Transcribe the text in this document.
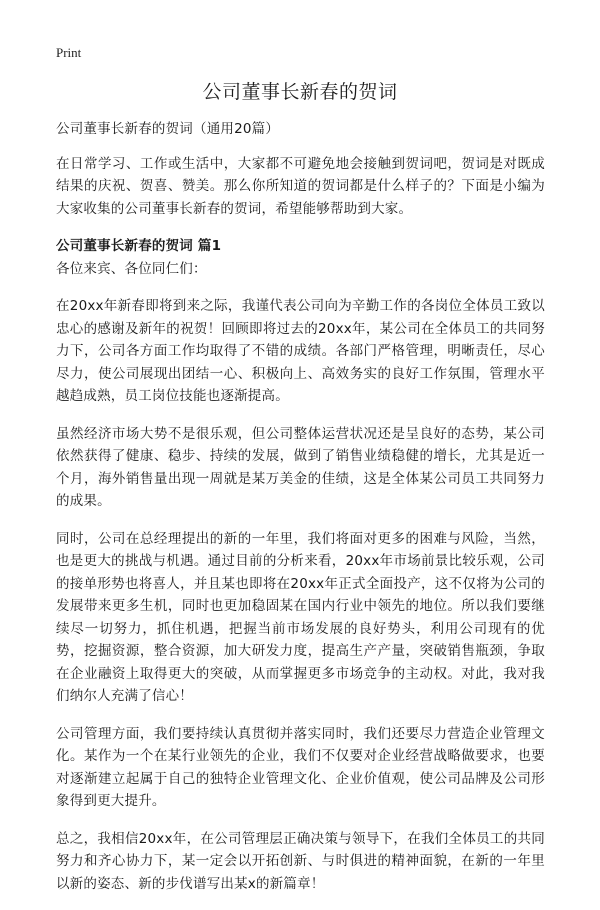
Print
公司董事长新春的贺词

公司董事长新春的贺词（通用20篇）

在日常学习、工作或生活中，大家都不可避免地会接触到贺词吧，贺词是对既成结果的庆祝、贺喜、赞美。那么你所知道的贺词都是什么样子的？下面是小编为大家收集的公司董事长新春的贺词，希望能够帮助到大家。

公司董事长新春的贺词 篇1

各位来宾、各位同仁们：

在20xx年新春即将到来之际，我谨代表公司向为辛勤工作的各岗位全体员工致以忠心的感谢及新年的祝贺！回顾即将过去的20xx年，某公司在全体员工的共同努力下，公司各方面工作均取得了不错的成绩。各部门严格管理，明晰责任，尽心尽力，使公司展现出团结一心、积极向上、高效务实的良好工作氛围，管理水平越趋成熟，员工岗位技能也逐渐提高。

虽然经济市场大势不是很乐观，但公司整体运营状况还是呈良好的态势，某公司依然获得了健康、稳步、持续的发展，做到了销售业绩稳健的增长，尤其是近一个月，海外销售量出现一周就是某万美金的佳绩，这是全体某公司员工共同努力的成果。

同时，公司在总经理提出的新的一年里，我们将面对更多的困难与风险，当然，也是更大的挑战与机遇。通过目前的分析来看，20xx年市场前景比较乐观，公司的接单形势也将喜人，并且某也即将在20xx年正式全面投产，这不仅将为公司的发展带来更多生机，同时也更加稳固某在国内行业中领先的地位。所以我们要继续尽一切努力，抓住机遇，把握当前市场发展的良好势头，利用公司现有的优势，挖掘资源，整合资源，加大研发力度，提高生产产量，突破销售瓶颈，争取在企业融资上取得更大的突破，从而掌握更多市场竞争的主动权。对此，我对我们纳尔人充满了信心！

公司管理方面，我们要持续认真贯彻并落实同时，我们还要尽力营造企业管理文化。某作为一个在某行业领先的企业，我们不仅要对企业经营战略做要求，也要对逐渐建立起属于自己的独特企业管理文化、企业价值观，使公司品牌及公司形象得到更大提升。

总之，我相信20xx年，在公司管理层正确决策与领导下，在我们全体员工的共同努力和齐心协力下，某一定会以开拓创新、与时俱进的精神面貌，在新的一年里以新的姿态、新的步伐谱写出某x的新篇章！
